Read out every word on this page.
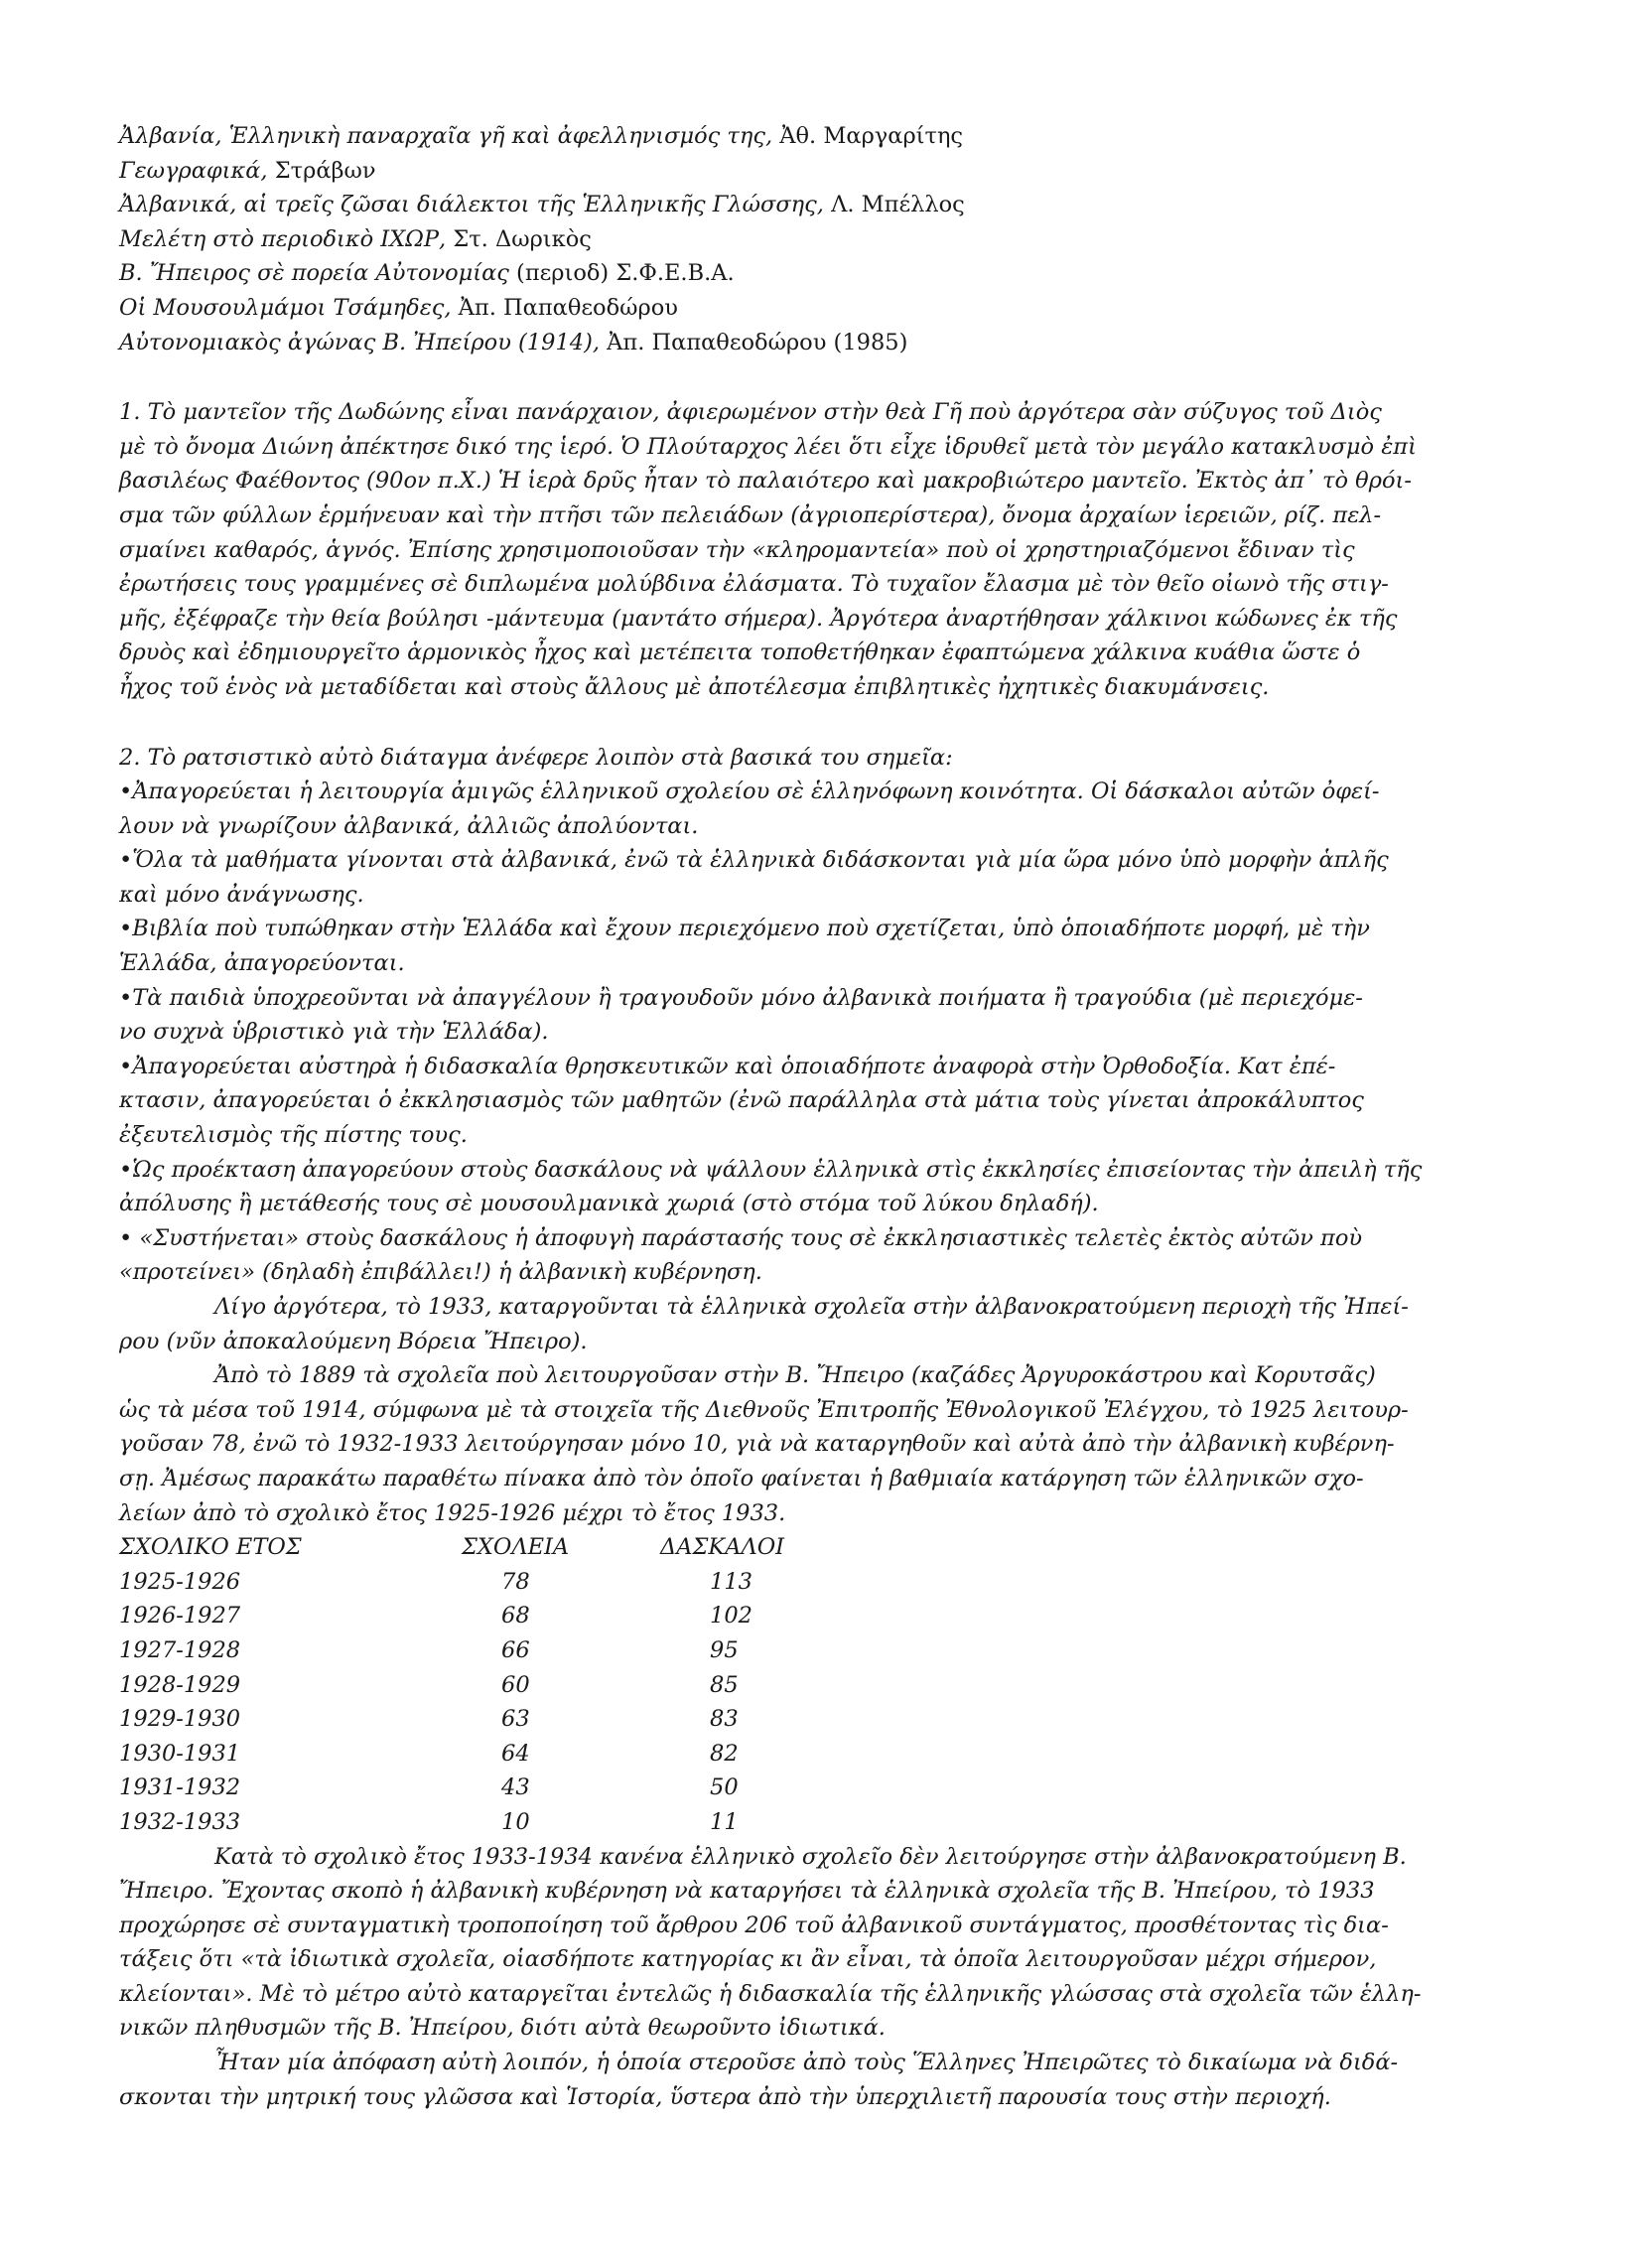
Ἀλβανία, Ἑλληνικὴ παναρχαῖα γῆ καὶ ἀφελληνισμός της, Ἀθ. Μαργαρίτης
Γεωγραφικά, Στράβων
Ἀλβανικά, αἱ τρεῖς ζῶσαι διάλεκτοι τῆς Ἑλληνικῆς Γλώσσης, Λ. Μπέλλος
Μελέτη στὸ περιοδικὸ ΙΧΩΡ, Στ. Δωρικὸς
Β. Ἤπειρος σὲ πορεία Αὐτονομίας (περιοδ) Σ.Φ.Ε.Β.Α.
Οἱ Μουσουλμάμοι Τσάμηδες, Ἀπ. Παπαθεοδώρου
Αὐτονομιακὸς ἀγώνας Β. Ἠπείρου (1914), Ἀπ. Παπαθεοδώρου (1985)
1. Τὸ μαντεῖον τῆς Δωδώνης εἶναι πανάρχαιον, ἀφιερωμένον στὴν θεὰ Γῆ ποὺ ἀργότερα σὰν σύζυγος τοῦ Διὸς
μὲ τὸ ὄνομα Διώνη ἀπέκτησε δικό της ἱερό. Ὁ Πλούταρχος λέει ὅτι εἶχε ἱδρυθεῖ μετὰ τὸν μεγάλο κατακλυσμὸ ἐπὶ
βασιλέως Φαέθοντος (90ον π.Χ.) Ἡ ἱερὰ δρῦς ἦταν τὸ παλαιότερο καὶ μακροβιώτερο μαντεῖο. Ἐκτὸς ἀπ᾽ τὸ θρόι-
σμα τῶν φύλλων ἑρμήνευαν καὶ τὴν πτῆσι τῶν πελειάδων (ἀγριοπερίστερα), ὄνομα ἀρχαίων ἱερειῶν, ρίζ. πελ-
σμαίνει καθαρός, ἁγνός. Ἐπίσης χρησιμοποιοῦσαν τὴν «κληρομαντεία» ποὺ οἱ χρηστηριαζόμενοι ἔδιναν τὶς
ἐρωτήσεις τους γραμμένες σὲ διπλωμένα μολύβδινα ἐλάσματα. Τὸ τυχαῖον ἔλασμα μὲ τὸν θεῖο οἰωνὸ τῆς στιγ-
μῆς, ἐξέφραζε τὴν θεία βούλησι -μάντευμα (μαντάτο σήμερα). Ἀργότερα ἀναρτήθησαν χάλκινοι κώδωνες ἐκ τῆς
δρυὸς καὶ ἐδημιουργεῖτο ἁρμονικὸς ἦχος καὶ μετέπειτα τοποθετήθηκαν ἐφαπτώμενα χάλκινα κυάθια ὥστε ὁ
ἦχος τοῦ ἑνὸς νὰ μεταδίδεται καὶ στοὺς ἄλλους μὲ ἀποτέλεσμα ἐπιβλητικὲς ἠχητικὲς διακυμάνσεις.
2. Τὸ ρατσιστικὸ αὐτὸ διάταγμα ἀνέφερε λοιπὸν στὰ βασικά του σημεῖα:
•Ἀπαγορεύεται ἡ λειτουργία ἀμιγῶς ἑλληνικοῦ σχολείου σὲ ἑλληνόφωνη κοινότητα. Οἱ δάσκαλοι αὐτῶν ὀφεί-
λουν νὰ γνωρίζουν ἀλβανικά, ἀλλιῶς ἀπολύονται.
•Ὅλα τὰ μαθήματα γίνονται στὰ ἀλβανικά, ἐνῶ τὰ ἑλληνικὰ διδάσκονται γιὰ μία ὥρα μόνο ὑπὸ μορφὴν ἁπλῆς
καὶ μόνο ἀνάγνωσης.
•Βιβλία ποὺ τυπώθηκαν στὴν Ἑλλάδα καὶ ἔχουν περιεχόμενο ποὺ σχετίζεται, ὑπὸ ὁποιαδήποτε μορφή, μὲ τὴν
Ἑλλάδα, ἀπαγορεύονται.
•Τὰ παιδιὰ ὑποχρεοῦνται νὰ ἀπαγγέλουν ἢ τραγουδοῦν μόνο ἀλβανικὰ ποιήματα ἢ τραγούδια (μὲ περιεχόμε-
νο συχνὰ ὑβριστικὸ γιὰ τὴν Ἑλλάδα).
•Ἀπαγορεύεται αὐστηρὰ ἡ διδασκαλία θρησκευτικῶν καὶ ὁποιαδήποτε ἀναφορὰ στὴν Ὀρθοδοξία. Κατ ἐπέ-
κτασιν, ἀπαγορεύεται ὁ ἐκκλησιασμὸς τῶν μαθητῶν (ἐνῶ παράλληλα στὰ μάτια τοὺς γίνεται ἀπροκάλυπτος
ἐξευτελισμὸς τῆς πίστης τους.
•Ὡς προέκταση ἀπαγορεύουν στοὺς δασκάλους νὰ ψάλλουν ἑλληνικὰ στὶς ἐκκλησίες ἐπισείοντας τὴν ἀπειλὴ τῆς
ἀπόλυσης ἢ μετάθεσής τους σὲ μουσουλμανικὰ χωριά (στὸ στόμα τοῦ λύκου δηλαδή).
• «Συστήνεται» στοὺς δασκάλους ἡ ἀποφυγὴ παράστασής τους σὲ ἐκκλησιαστικὲς τελετὲς ἐκτὸς αὐτῶν ποὺ
«προτείνει» (δηλαδὴ ἐπιβάλλει!) ἡ ἀλβανικὴ κυβέρνηση.
Λίγο ἀργότερα, τὸ 1933, καταργοῦνται τὰ ἑλληνικὰ σχολεῖα στὴν ἀλβανοκρατούμενη περιοχὴ τῆς Ἠπεί-
ρου (νῦν ἀποκαλούμενη Βόρεια Ἤπειρο).
Ἀπὸ τὸ 1889 τὰ σχολεῖα ποὺ λειτουργοῦσαν στὴν Β. Ἤπειρο (καζάδες Ἀργυροκάστρου καὶ Κορυτσᾶς)
ὡς τὰ μέσα τοῦ 1914, σύμφωνα μὲ τὰ στοιχεῖα τῆς Διεθνοῦς Ἐπιτροπῆς Ἐθνολογικοῦ Ἐλέγχου, τὸ 1925 λειτουρ-
γοῦσαν 78, ἐνῶ τὸ 1932-1933 λειτούργησαν μόνο 10, γιὰ νὰ καταργηθοῦν καὶ αὐτὰ ἀπὸ τὴν ἀλβανικὴ κυβέρνη-
σῃ. Ἀμέσως παρακάτω παραθέτω πίνακα ἀπὸ τὸν ὁποῖο φαίνεται ἡ βαθμιαία κατάργηση τῶν ἑλληνικῶν σχο-
λείων ἀπὸ τὸ σχολικὸ ἔτος 1925-1926 μέχρι τὸ ἔτος 1933.
ΣΧΟΛΙΚΟ ΕΤΟΣ	ΣΧΟΛΕΙΑ	ΔΑΣΚΑΛΟΙ
1925-1926	78	113
1926-1927	68	102
1927-1928	66	95
1928-1929	60	85
1929-1930	63	83
1930-1931	64	82
1931-1932	43	50
1932-1933	10	11
Κατὰ τὸ σχολικὸ ἔτος 1933-1934 κανένα ἑλληνικὸ σχολεῖο δὲν λειτούργησε στὴν ἀλβανοκρατούμενη Β.
Ἤπειρο. Ἔχοντας σκοπὸ ἡ ἀλβανικὴ κυβέρνηση νὰ καταργήσει τὰ ἑλληνικὰ σχολεῖα τῆς Β. Ἠπείρου, τὸ 1933
προχώρησε σὲ συνταγματικὴ τροποποίηση τοῦ ἄρθρου 206 τοῦ ἀλβανικοῦ συντάγματος, προσθέτοντας τὶς δια-
τάξεις ὅτι «τὰ ἰδιωτικὰ σχολεῖα, οἱασδήποτε κατηγορίας κι ἂν εἶναι, τὰ ὁποῖα λειτουργοῦσαν μέχρι σήμερον,
κλείονται». Μὲ τὸ μέτρο αὐτὸ καταργεῖται ἐντελῶς ἡ διδασκαλία τῆς ἑλληνικῆς γλώσσας στὰ σχολεῖα τῶν ἑλλη-
νικῶν πληθυσμῶν τῆς Β. Ἠπείρου, διότι αὐτὰ θεωροῦντο ἰδιωτικά.
Ἦταν μία ἀπόφαση αὐτὴ λοιπόν, ἡ ὁποία στεροῦσε ἀπὸ τοὺς Ἕλληνες Ἠπειρῶτες τὸ δικαίωμα νὰ διδά-
σκονται τὴν μητρική τους γλῶσσα καὶ Ἱστορία, ὕστερα ἀπὸ τὴν ὑπερχιλιετῆ παρουσία τους στὴν περιοχή.
